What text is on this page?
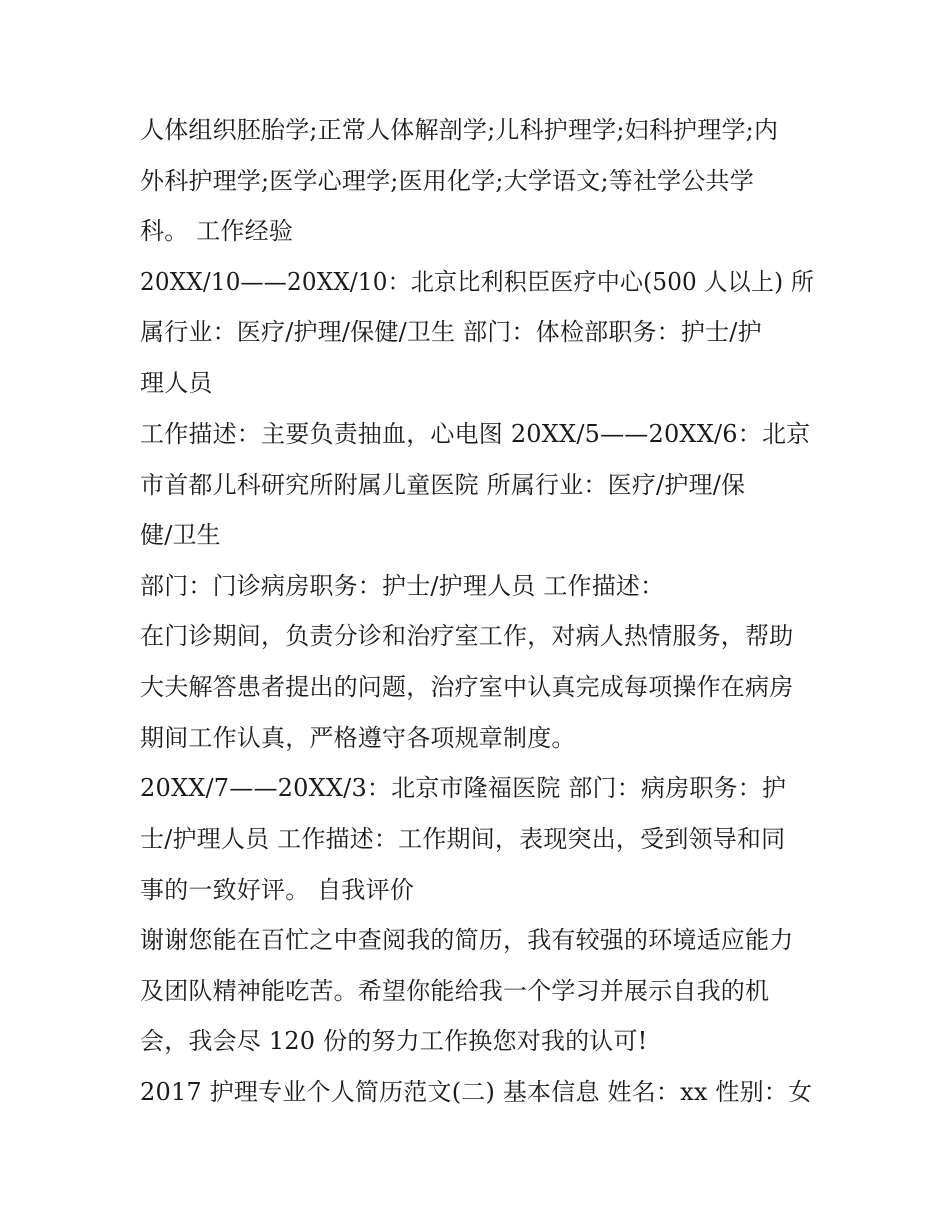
人体组织胚胎学;正常人体解剖学;儿科护理学;妇科护理学;内
外科护理学;医学心理学;医用化学;大学语文;等社学公共学
科。 工作经验
20XX/10——20XX/10：北京比利积臣医疗中心(500 人以上) 所
属行业：医疗/护理/保健/卫生 部门：体检部职务：护士/护
理人员
工作描述：主要负责抽血，心电图 20XX/5——20XX/6：北京
市首都儿科研究所附属儿童医院 所属行业：医疗/护理/保
健/卫生
部门：门诊病房职务：护士/护理人员 工作描述：
在门诊期间，负责分诊和治疗室工作，对病人热情服务，帮助
大夫解答患者提出的问题，治疗室中认真完成每项操作在病房
期间工作认真，严格遵守各项规章制度。
20XX/7——20XX/3：北京市隆福医院 部门：病房职务：护
士/护理人员 工作描述：工作期间，表现突出，受到领导和同
事的一致好评。 自我评价
谢谢您能在百忙之中查阅我的简历，我有较强的环境适应能力
及团队精神能吃苦。希望你能给我一个学习并展示自我的机
会，我会尽 120 份的努力工作换您对我的认可!
2017 护理专业个人简历范文(二) 基本信息 姓名：xx 性别：女
